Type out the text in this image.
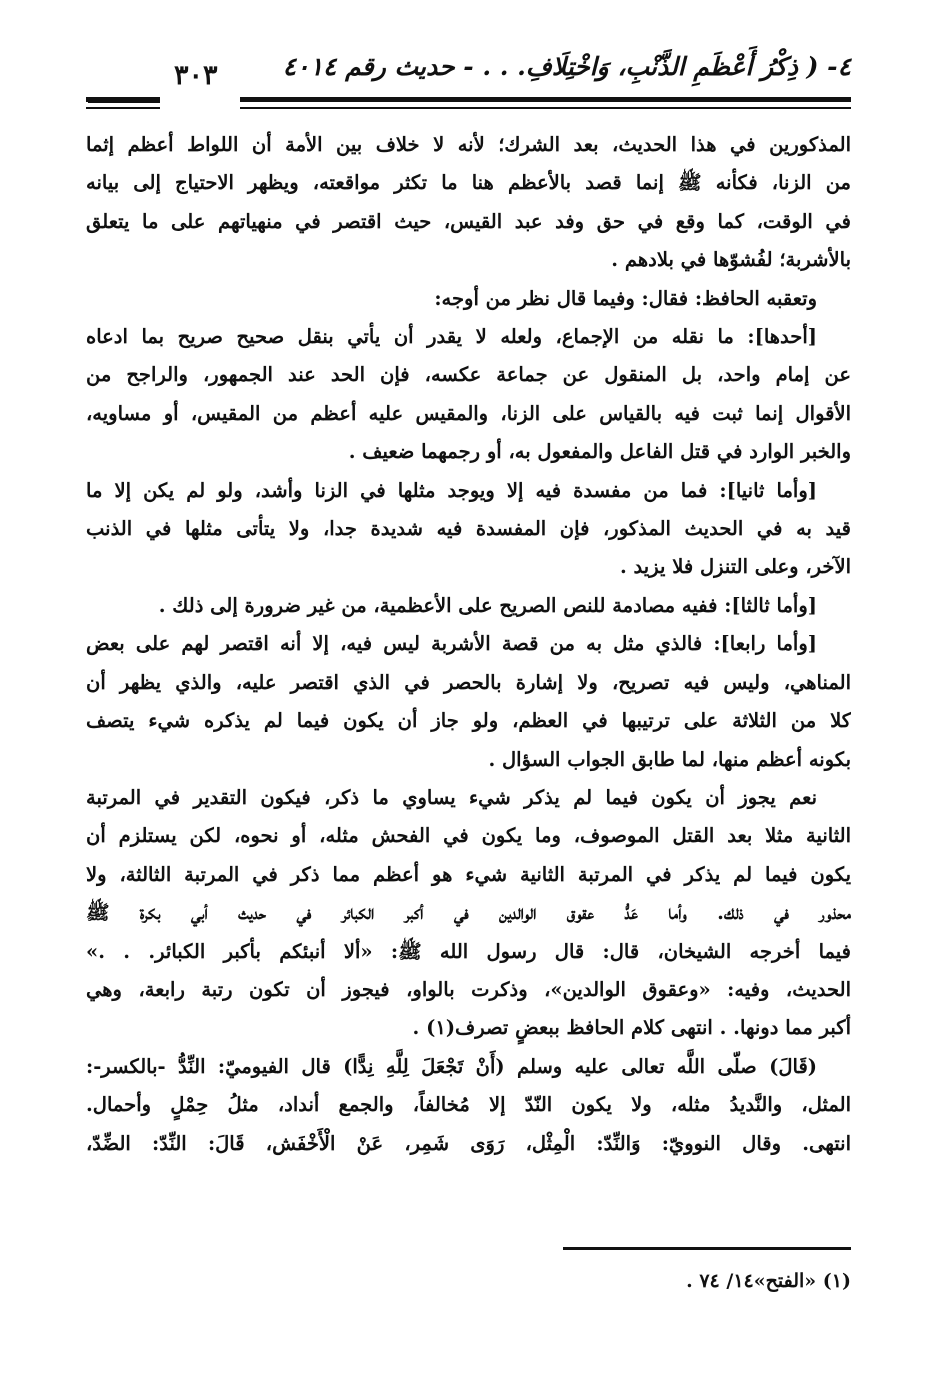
٤- ( ذِكْرُ أَعْظَمِ الذَّنْبِ، وَاخْتِلَافِ. . . - حديث رقم ٤٠١٤
٣٠٣
المذكورين في هذا الحديث، بعد الشرك؛ لأنه لا خلاف بين الأمة أن اللواط أعظم إثما
من الزنا، فكأنه ﷺ إنما قصد بالأعظم هنا ما تكثر مواقعته، ويظهر الاحتياج إلى بيانه
في الوقت، كما وقع في حق وفد عبد القيس، حيث اقتصر في منهياتهم على ما يتعلق
بالأشربة؛ لفُشوّها في بلادهم .
وتعقبه الحافظ: فقال: وفيما قال نظر من أوجه:
[أحدها]: ما نقله من الإجماع، ولعله لا يقدر أن يأتي بنقل صحيح صريح بما ادعاه
عن إمام واحد، بل المنقول عن جماعة عكسه، فإن الحد عند الجمهور، والراجح من
الأقوال إنما ثبت فيه بالقياس على الزنا، والمقيس عليه أعظم من المقيس، أو مساويه،
والخبر الوارد في قتل الفاعل والمفعول به، أو رجمهما ضعيف .
[وأما ثانيا]: فما من مفسدة فيه إلا ويوجد مثلها في الزنا وأشد، ولو لم يكن إلا ما
قيد به في الحديث المذكور، فإن المفسدة فيه شديدة جدا، ولا يتأتى مثلها في الذنب
الآخر، وعلى التنزل فلا يزيد .
[وأما ثالثا]: ففيه مصادمة للنص الصريح على الأعظمية، من غير ضرورة إلى ذلك .
[وأما رابعا]: فالذي مثل به من قصة الأشربة ليس فيه، إلا أنه اقتصر لهم على بعض
المناهي، وليس فيه تصريح، ولا إشارة بالحصر في الذي اقتصر عليه، والذي يظهر أن
كلا من الثلاثة على ترتيبها في العظم، ولو جاز أن يكون فيما لم يذكره شيء يتصف
بكونه أعظم منها، لما طابق الجواب السؤال .
نعم يجوز أن يكون فيما لم يذكر شيء يساوي ما ذكر، فيكون التقدير في المرتبة
الثانية مثلا بعد القتل الموصوف، وما يكون في الفحش مثله، أو نحوه، لكن يستلزم أن
يكون فيما لم يذكر في المرتبة الثانية شيء هو أعظم مما ذكر في المرتبة الثالثة، ولا
محذور في ذلك. وأما عَدُّ عقوق الوالدين في أكبر الكبائر في حديث أبي بكرة ﷺ
فيما أخرجه الشيخان، قال: قال رسول الله ﷺ: «ألا أنبئكم بأكبر الكبائر. . .»
الحديث، وفيه: «وعقوق الوالدين»، وذكرت بالواو، فيجوز أن تكون رتبة رابعة، وهي
أكبر مما دونها. . انتهى كلام الحافظ ببعضٍ تصرف(١) .
(قَالَ) صلّى اللَّه تعالى عليه وسلم (أَنْ تَجْعَلَ لِلَّهِ نِدًّا) قال الفيوميّ: النِّدُّ -بالكسر-:
المثل، والنَّديدُ مثله، ولا يكون النّدّ إلا مُخالفاً، والجمع أنداد، مثلُ حِمْلٍ وأحمال.
انتهى. وقال النوويّ: وَالنِّدّ: الْمِثْل، رَوَى شَمِر، عَنْ الْأَخْفَش، قَالَ: النِّدّ: الضِّدّ،
(١) «الفتح»١٤/ ٧٤ .
